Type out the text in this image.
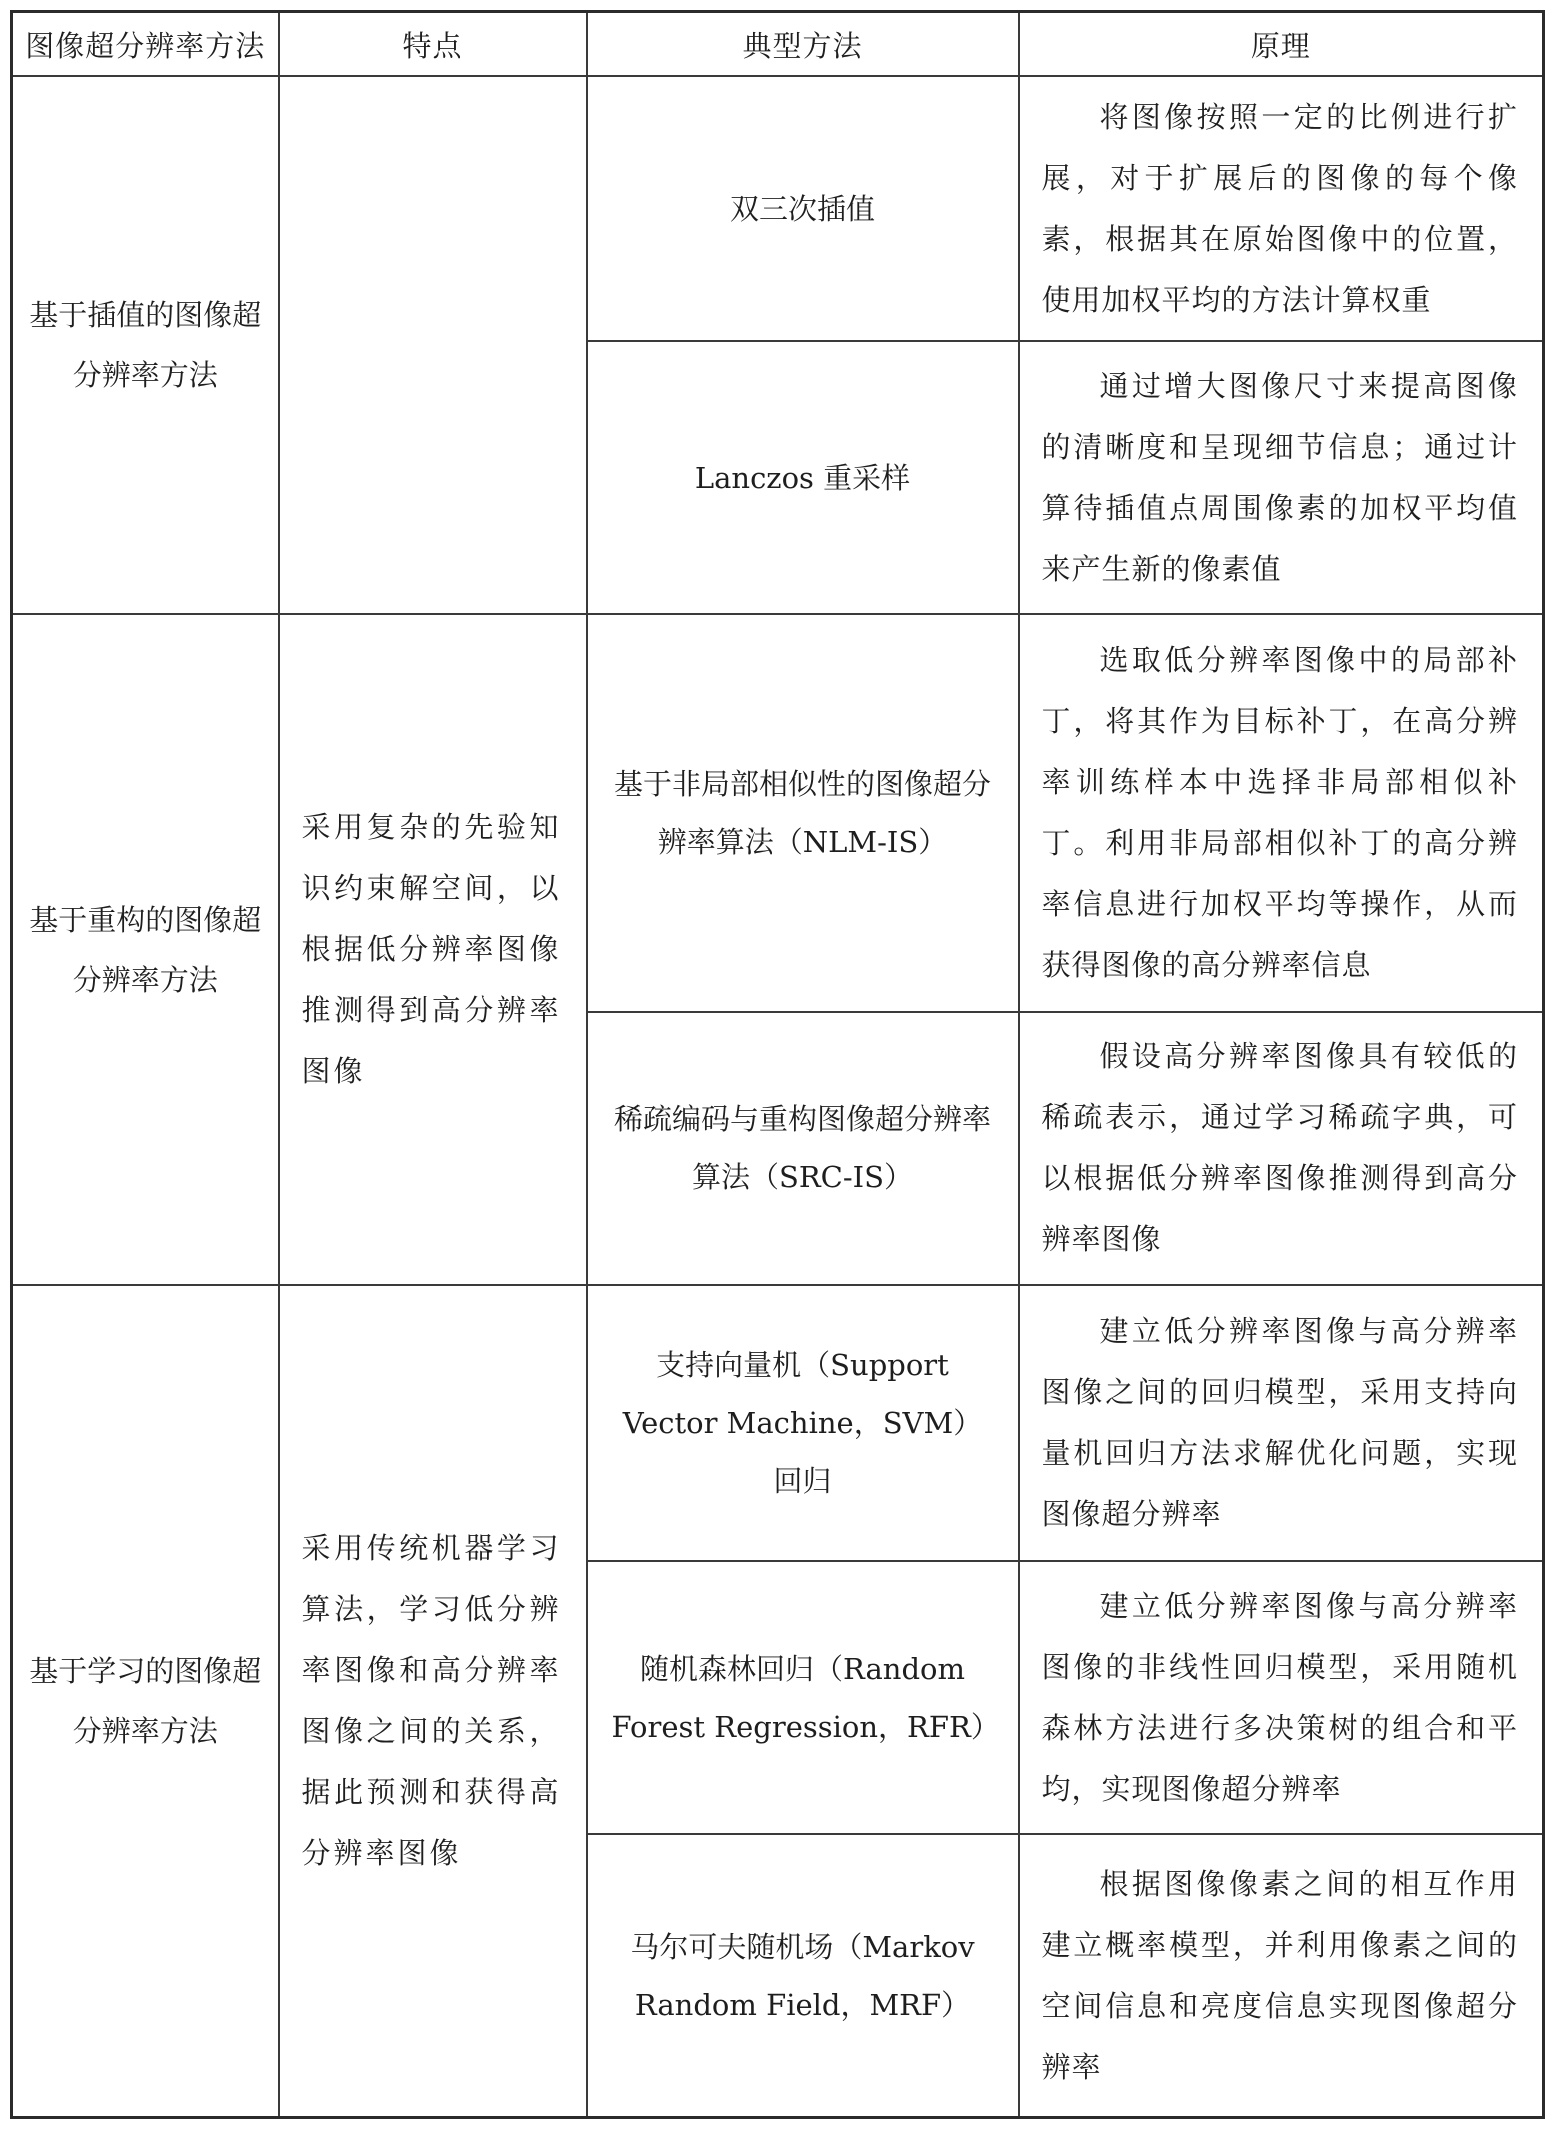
图像超分辨率方法	特点	典型方法	原理
基于插值的图像超分辨率方法		双三次插值	将图像按照一定的比例进行扩展，对于扩展后的图像的每个像素，根据其在原始图像中的位置，使用加权平均的方法计算权重
		Lanczos 重采样	通过增大图像尺寸来提高图像的清晰度和呈现细节信息；通过计算待插值点周围像素的加权平均值来产生新的像素值
基于重构的图像超分辨率方法	采用复杂的先验知识约束解空间，以根据低分辨率图像推测得到高分辨率图像	基于非局部相似性的图像超分辨率算法（NLM-IS）	选取低分辨率图像中的局部补丁，将其作为目标补丁，在高分辨率训练样本中选择非局部相似补丁。利用非局部相似补丁的高分辨率信息进行加权平均等操作，从而获得图像的高分辨率信息
		稀疏编码与重构图像超分辨率算法（SRC-IS）	假设高分辨率图像具有较低的稀疏表示，通过学习稀疏字典，可以根据低分辨率图像推测得到高分辨率图像
基于学习的图像超分辨率方法	采用传统机器学习算法，学习低分辨率图像和高分辨率图像之间的关系，据此预测和获得高分辨率图像	支持向量机（Support Vector Machine，SVM）回归	建立低分辨率图像与高分辨率图像之间的回归模型，采用支持向量机回归方法求解优化问题，实现图像超分辨率
		随机森林回归（Random Forest Regression，RFR）	建立低分辨率图像与高分辨率图像的非线性回归模型，采用随机森林方法进行多决策树的组合和平均，实现图像超分辨率
		马尔可夫随机场（Markov Random Field，MRF）	根据图像像素之间的相互作用建立概率模型，并利用像素之间的空间信息和亮度信息实现图像超分辨率
